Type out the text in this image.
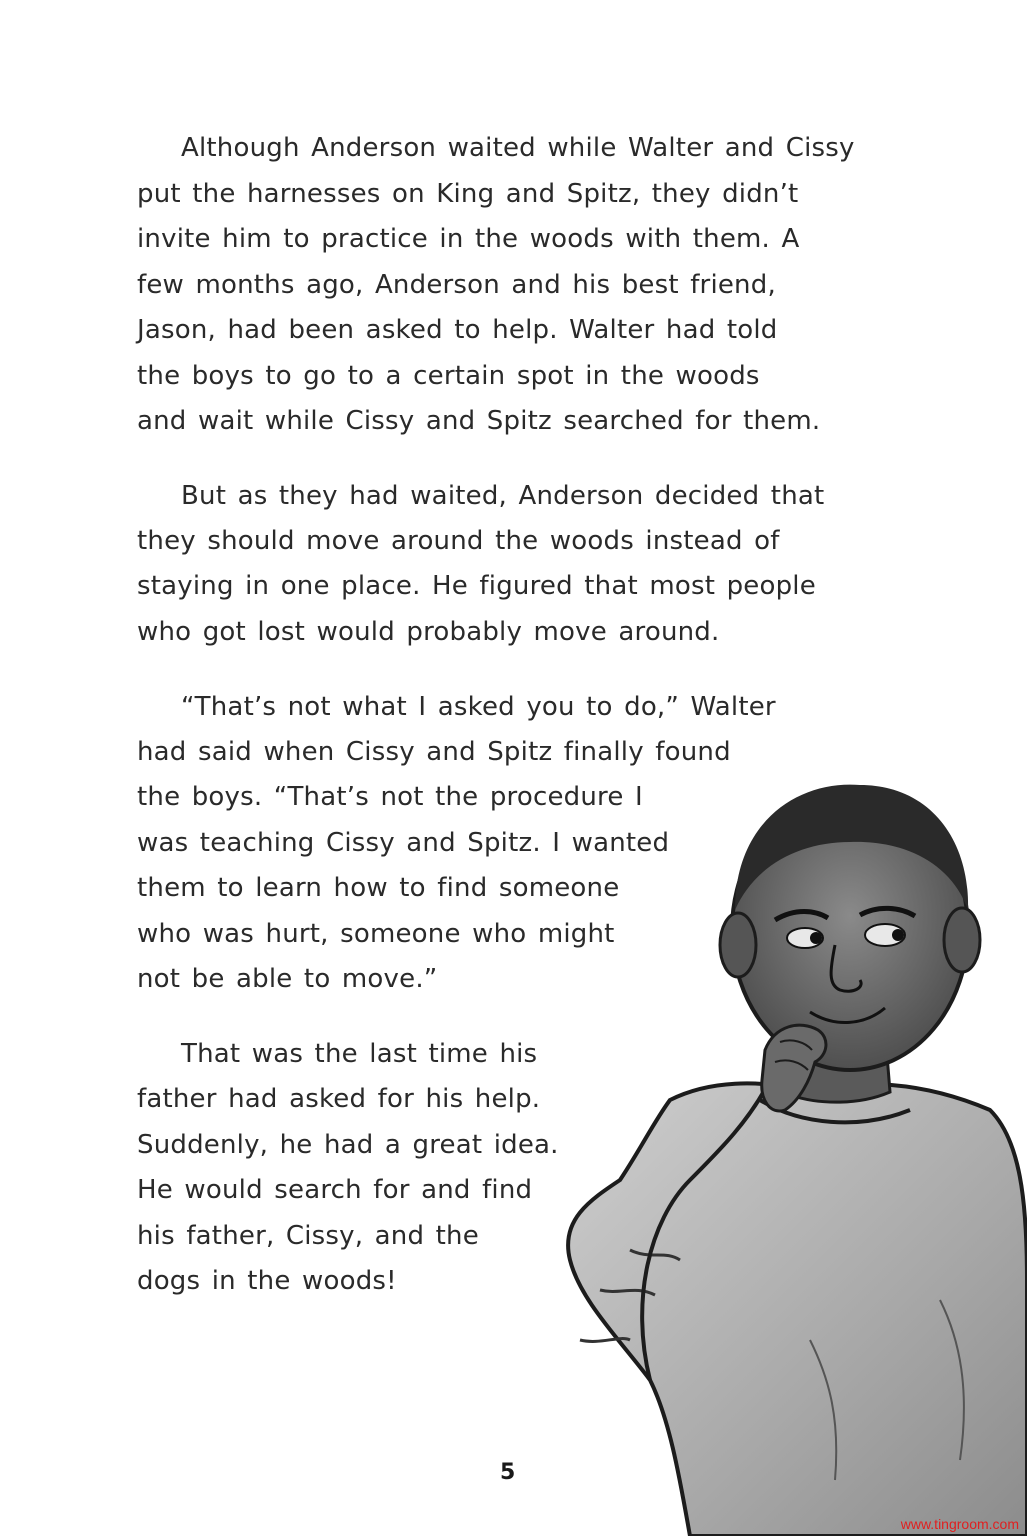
Although Anderson waited while Walter and Cissy
put the harnesses on King and Spitz, they didn’t
invite him to practice in the woods with them. A
few months ago, Anderson and his best friend,
Jason, had been asked to help. Walter had told
the boys to go to a certain spot in the woods
and wait while Cissy and Spitz searched for them.
But as they had waited, Anderson decided that
they should move around the woods instead of
staying in one place. He figured that most people
who got lost would probably move around.
“That’s not what I asked you to do,” Walter
had said when Cissy and Spitz finally found
the boys. “That’s not the procedure I
was teaching Cissy and Spitz. I wanted
them to learn how to find someone
who was hurt, someone who might
not be able to move.”
That was the last time his
father had asked for his help.
Suddenly, he had a great idea.
He would search for and find
his father, Cissy, and the
dogs in the woods!
5
www.tingroom.com
